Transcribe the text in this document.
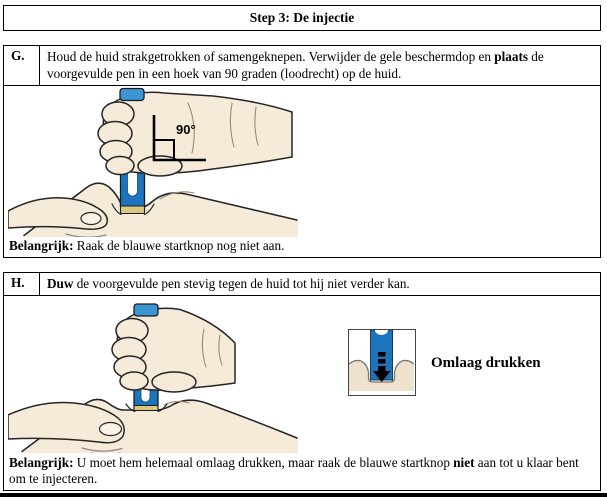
Step 3: De injectie
G.	Houd de huid strakgetrokken of samengeknepen. Verwijder de gele beschermdop en plaats de voorgevulde pen in een hoek van 90 graden (loodrecht) op de huid.
90°
Belangrijk: Raak de blauwe startknop nog niet aan.
H.	Duw de voorgevulde pen stevig tegen de huid tot hij niet verder kan.
Omlaag drukken
Belangrijk: U moet hem helemaal omlaag drukken, maar raak de blauwe startknop niet aan tot u klaar bent om te injecteren.
